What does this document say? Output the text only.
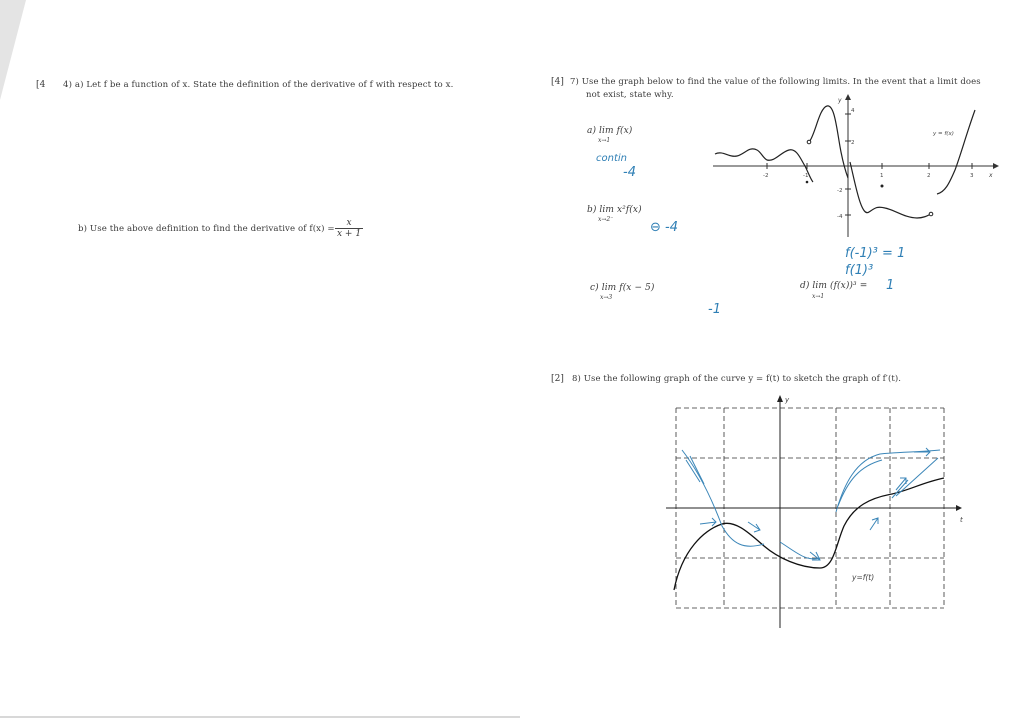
[4 4) a) Let f be a function of x. State the definition of the derivative of f with respect to x.
b) Use the above definition to find the derivative of $f(x) = \frac{x}{x + 1}$
[4] 7) Use the graph below to find the value of the following limits. In the event that a limit does
not exist, state why.
a) lim f(x)
x→1
contin
-4
b) lim x²f(x)
x→2⁻
⊖ -4
c) lim f(x − 5)
x→3
-1
d) lim (f(x))³ =
x→1
f(-1)³ = 1
f(1)³
1
x
y
-2	-1	1	2	3
4
2
-2
-4
y = f(x)
[2] 8) Use the following graph of the curve y = f(t) to sketch the graph of f′(t).
t
y
y=f(t)
